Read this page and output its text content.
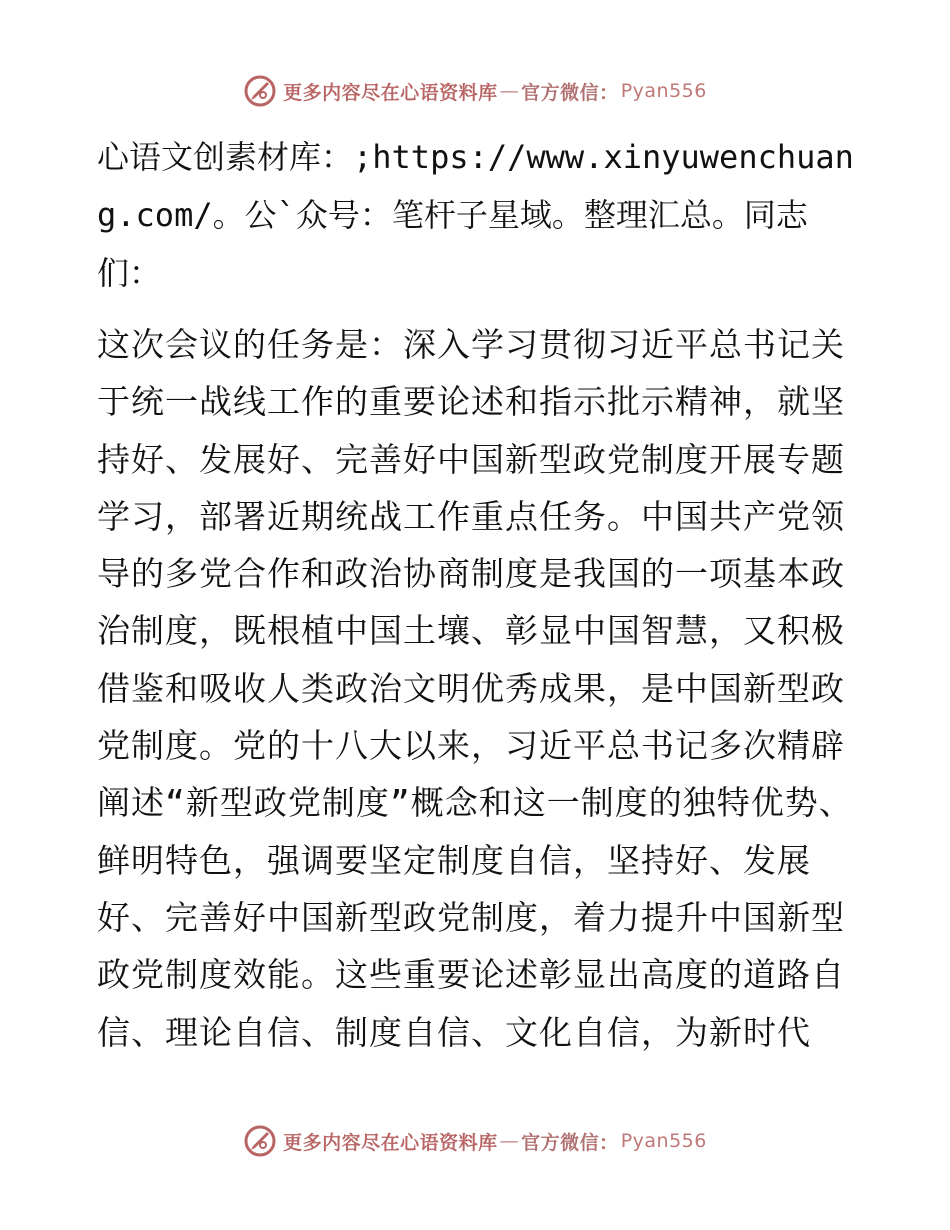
更多内容尽在心语资料库 — 官方微信： Pyan556

心语文创素材库：;https://www.xinyuwenchuang.com/。公`众号：笔杆子星域。整理汇总。同志们：

这次会议的任务是：深入学习贯彻习近平总书记关于统一战线工作的重要论述和指示批示精神，就坚持好、发展好、完善好中国新型政党制度开展专题学习，部署近期统战工作重点任务。中国共产党领导的多党合作和政治协商制度是我国的一项基本政治制度，既根植中国土壤、彰显中国智慧，又积极借鉴和吸收人类政治文明优秀成果，是中国新型政党制度。党的十八大以来，习近平总书记多次精辟阐述“新型政党制度”概念和这一制度的独特优势、鲜明特色，强调要坚定制度自信，坚持好、发展好、完善好中国新型政党制度，着力提升中国新型政党制度效能。这些重要论述彰显出高度的道路自信、理论自信、制度自信、文化自信，为新时代

更多内容尽在心语资料库 — 官方微信： Pyan556
